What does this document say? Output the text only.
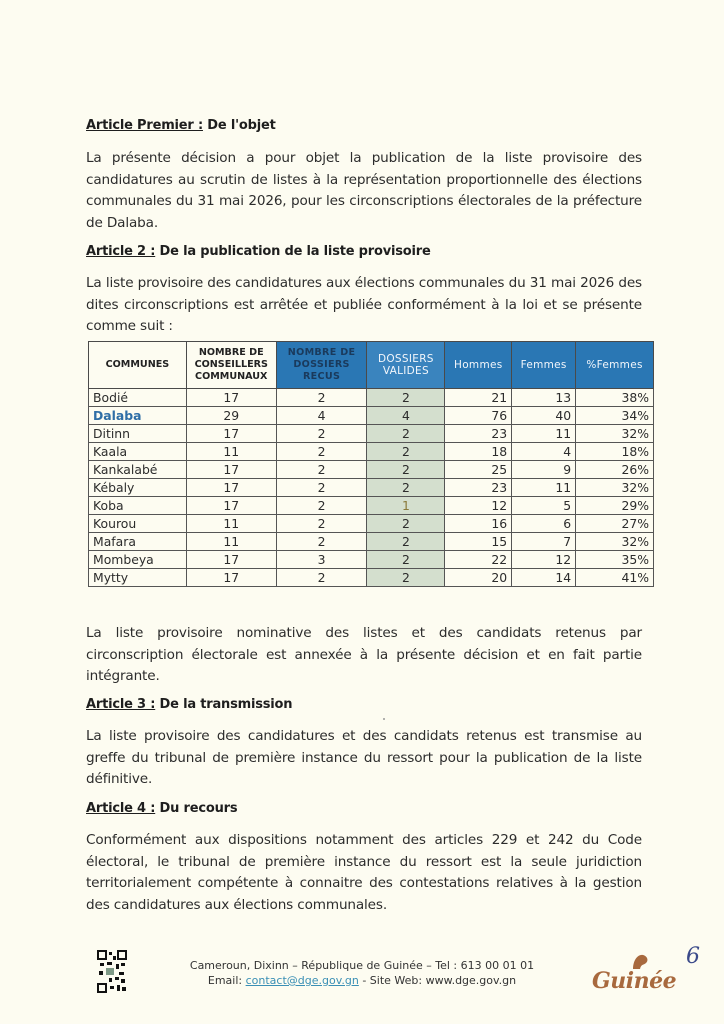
Article Premier : De l'objet
La présente décision a pour objet la publication de la liste provisoire des candidatures au scrutin de listes à la représentation proportionnelle des élections communales du 31 mai 2026, pour les circonscriptions électorales de la préfecture de Dalaba.
Article 2 : De la publication de la liste provisoire
La liste provisoire des candidatures aux élections communales du 31 mai 2026 des dites circonscriptions est arrêtée et publiée conformément à la loi et se présente comme suit :
COMMUNES	NOMBRE DE CONSEILLERS COMMUNAUX	NOMBRE DE DOSSIERS RECUS	DOSSIERS VALIDES	Hommes	Femmes	%Femmes
Bodié	17	2	2	21	13	38%
Dalaba	29	4	4	76	40	34%
Ditinn	17	2	2	23	11	32%
Kaala	11	2	2	18	4	18%
Kankalabé	17	2	2	25	9	26%
Kébaly	17	2	2	23	11	32%
Koba	17	2	1	12	5	29%
Kourou	11	2	2	16	6	27%
Mafara	11	2	2	15	7	32%
Mombeya	17	3	2	22	12	35%
Mytty	17	2	2	20	14	41%
La liste provisoire nominative des listes et des candidats retenus par circonscription électorale est annexée à la présente décision et en fait partie intégrante.
Article 3 : De la transmission
La liste provisoire des candidatures et des candidats retenus est transmise au greffe du tribunal de première instance du ressort pour la publication de la liste définitive.
Article 4 : Du recours
Conformément aux dispositions notamment des articles 229 et 242 du Code électoral, le tribunal de première instance du ressort est la seule juridiction territorialement compétente à connaitre des contestations relatives à la gestion des candidatures aux élections communales.
Cameroun, Dixinn – République de Guinée – Tel : 613 00 01 01
Email: contact@dge.gov.gn - Site Web: www.dge.gov.gn	Guinée
6
